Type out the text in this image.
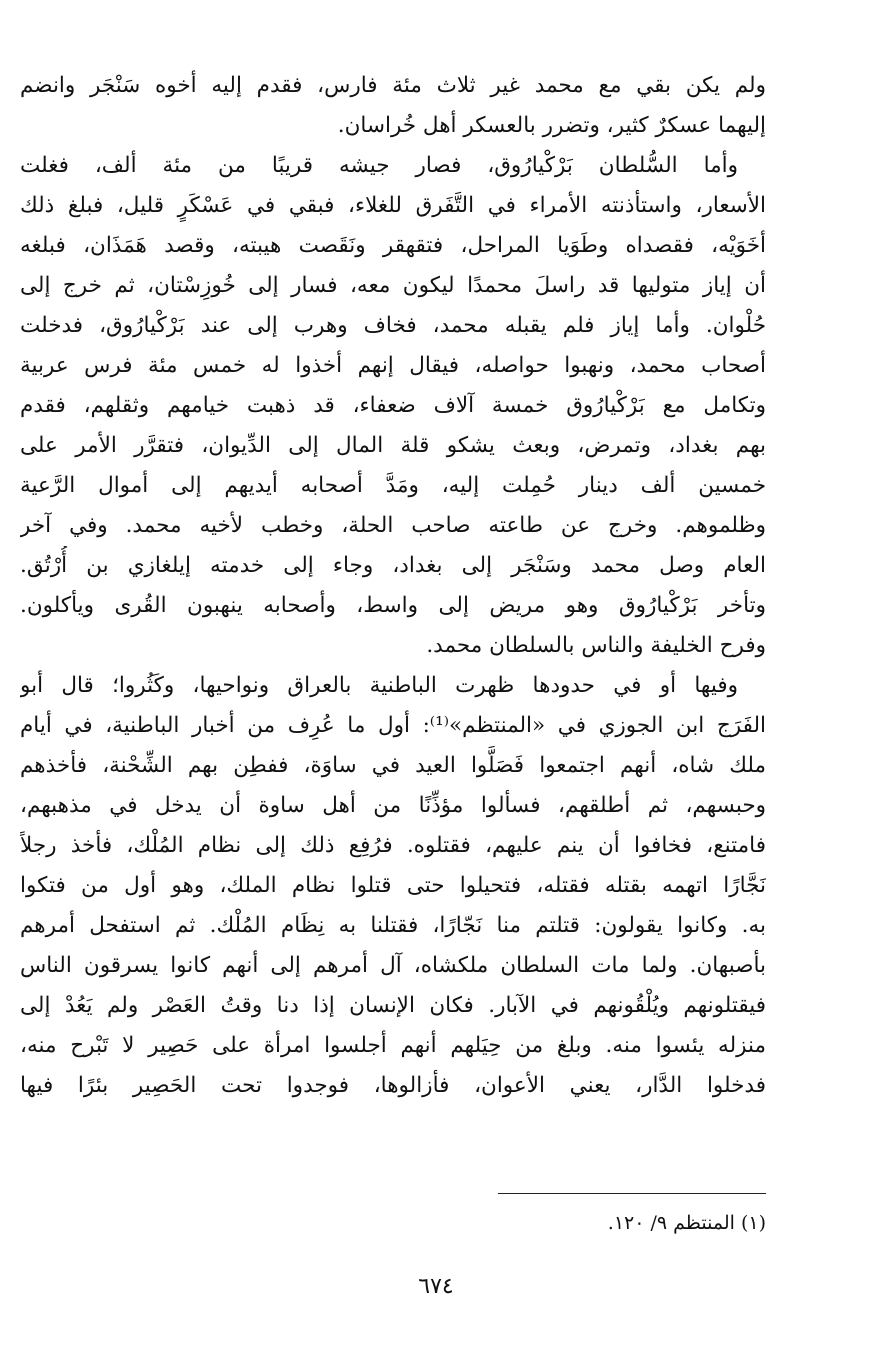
ولم يكن بقي مع محمد غير ثلاث مئة فارس، فقدم إليه أخوه سَنْجَر وانضم
إليهما عسكرٌ كثير، وتضرر بالعسكر أهل خُراسان.
وأما السُّلطان بَرْكْيارُوق، فصار جيشه قريبًا من مئة ألف، فغلت
الأسعار، واستأذنته الأمراء في التَّفَرق للغلاء، فبقي في عَسْكَرٍ قليل، فبلغ ذلك
أخَوَيْه، فقصداه وطَوَيا المراحل، فتقهقر ونَقَصت هيبته، وقصد هَمَذَان، فبلغه
أن إياز متوليها قد راسلَ محمدًا ليكون معه، فسار إلى خُوزِسْتان، ثم خرج إلى
حُلْوان. وأما إياز فلم يقبله محمد، فخاف وهرب إلى عند بَرْكْيارُوق، فدخلت
أصحاب محمد، ونهبوا حواصله، فيقال إنهم أخذوا له خمس مئة فرس عربية
وتكامل مع بَرْكْيارُوق خمسة آلاف ضعفاء، قد ذهبت خيامهم وثقلهم، فقدم
بهم بغداد، وتمرض، وبعث يشكو قلة المال إلى الدِّيوان، فتقرَّر الأمر على
خمسين ألف دينار حُمِلت إليه، ومَدَّ أصحابه أيديهم إلى أموال الرَّعية
وظلموهم. وخرج عن طاعته صاحب الحلة، وخطب لأخيه محمد. وفي آخر
العام وصل محمد وسَنْجَر إلى بغداد، وجاء إلى خدمته إيلغازي بن أُرْتُق.
وتأخر بَرْكْيارُوق وهو مريض إلى واسط، وأصحابه ينهبون القُرى ويأكلون.
وفرح الخليفة والناس بالسلطان محمد.
وفيها أو في حدودها ظهرت الباطنية بالعراق ونواحيها، وكَثُروا؛ قال أبو
الفَرَج ابن الجوزي في «المنتظم»⁽¹⁾: أول ما عُرِف من أخبار الباطنية، في أيام
ملك شاه، أنهم اجتمعوا فَصَلَّوا العيد في ساوَة، ففطِن بهم الشِّحْنة، فأخذهم
وحبسهم، ثم أطلقهم، فسألوا مؤذِّنًا من أهل ساوة أن يدخل في مذهبهم،
فامتنع، فخافوا أن ينم عليهم، فقتلوه. فرُفِع ذلك إلى نظام المُلْك، فأخذ رجلاً
نَجَّارًا اتهمه بقتله فقتله، فتحيلوا حتى قتلوا نظام الملك، وهو أول من فتكوا
به. وكانوا يقولون: قتلتم منا نَجّارًا، فقتلنا به نِظَام المُلْك. ثم استفحل أمرهم
بأصبهان. ولما مات السلطان ملكشاه، آل أمرهم إلى أنهم كانوا يسرقون الناس
فيقتلونهم ويُلْقُونهم في الآبار. فكان الإنسان إذا دنا وقتُ العَصْر ولم يَعُدْ إلى
منزله يئسوا منه. وبلغ من حِيَلهم أنهم أجلسوا امرأة على حَصِير لا تَبْرح منه،
فدخلوا الدَّار، يعني الأعوان، فأزالوها، فوجدوا تحت الحَصِير بئرًا فيها
(١) المنتظم ٩/ ١٢٠.
٦٧٤
